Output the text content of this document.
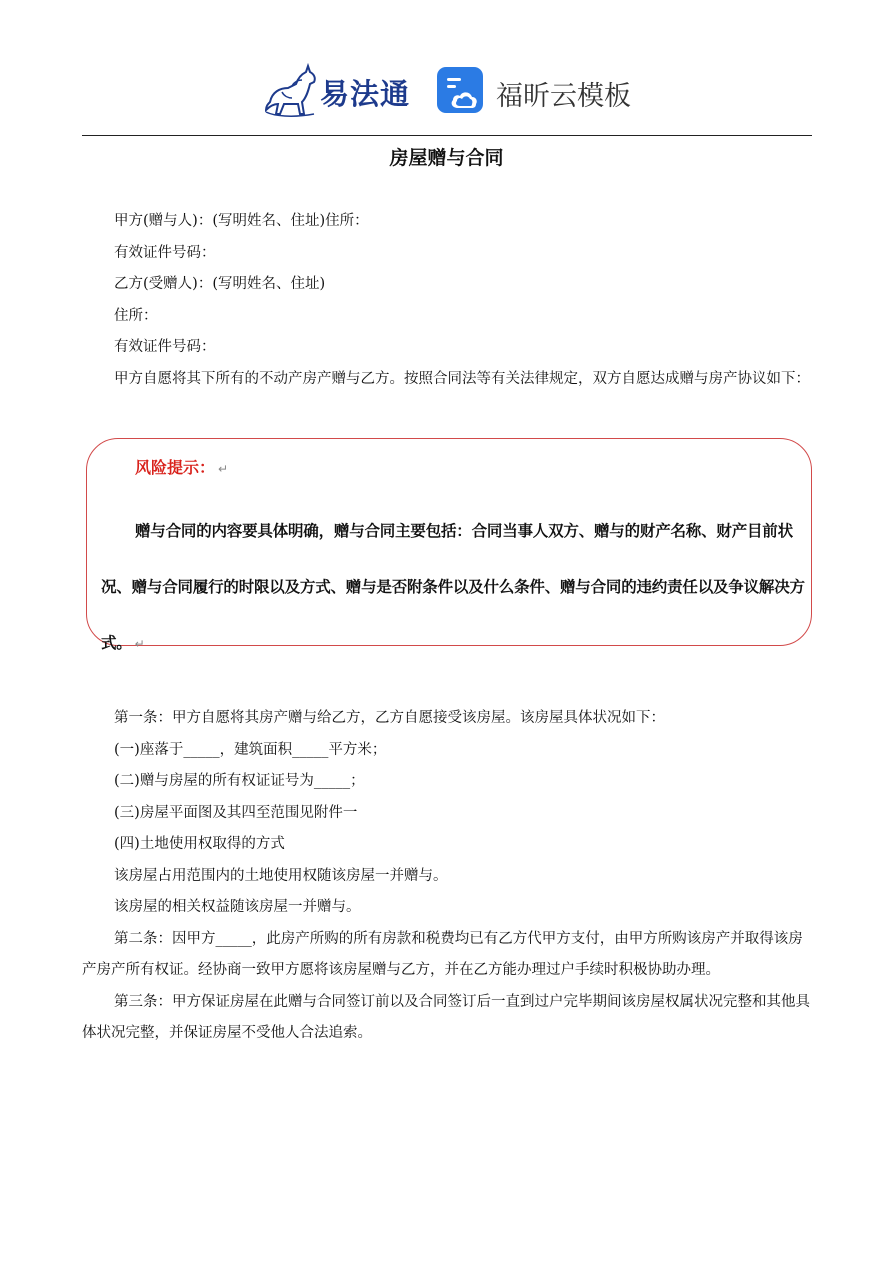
易法通	福昕云模板
房屋赠与合同

甲方(赠与人)：(写明姓名、住址)住所：

有效证件号码：

乙方(受赠人)：(写明姓名、住址)

住所：

有效证件号码：

甲方自愿将其下所有的不动产房产赠与乙方。按照合同法等有关法律规定，双方自愿达成赠与房产协议如下：

风险提示： ↵
赠与合同的内容要具体明确，赠与合同主要包括：合同当事人双方、赠与的财产名称、财产目前状况、赠与合同履行的时限以及方式、赠与是否附条件以及什么条件、赠与合同的违约责任以及争议解决方式。 ↵

第一条：甲方自愿将其房产赠与给乙方，乙方自愿接受该房屋。该房屋具体状况如下：

(一)座落于_____，建筑面积_____平方米；

(二)赠与房屋的所有权证证号为_____；

(三)房屋平面图及其四至范围见附件一

(四)土地使用权取得的方式

该房屋占用范围内的土地使用权随该房屋一并赠与。

该房屋的相关权益随该房屋一并赠与。

第二条：因甲方_____，此房产所购的所有房款和税费均已有乙方代甲方支付，由甲方所购该房产并取得该房产房产所有权证。经协商一致甲方愿将该房屋赠与乙方，并在乙方能办理过户手续时积极协助办理。

第三条：甲方保证房屋在此赠与合同签订前以及合同签订后一直到过户完毕期间该房屋权属状况完整和其他具体状况完整，并保证房屋不受他人合法追索。
